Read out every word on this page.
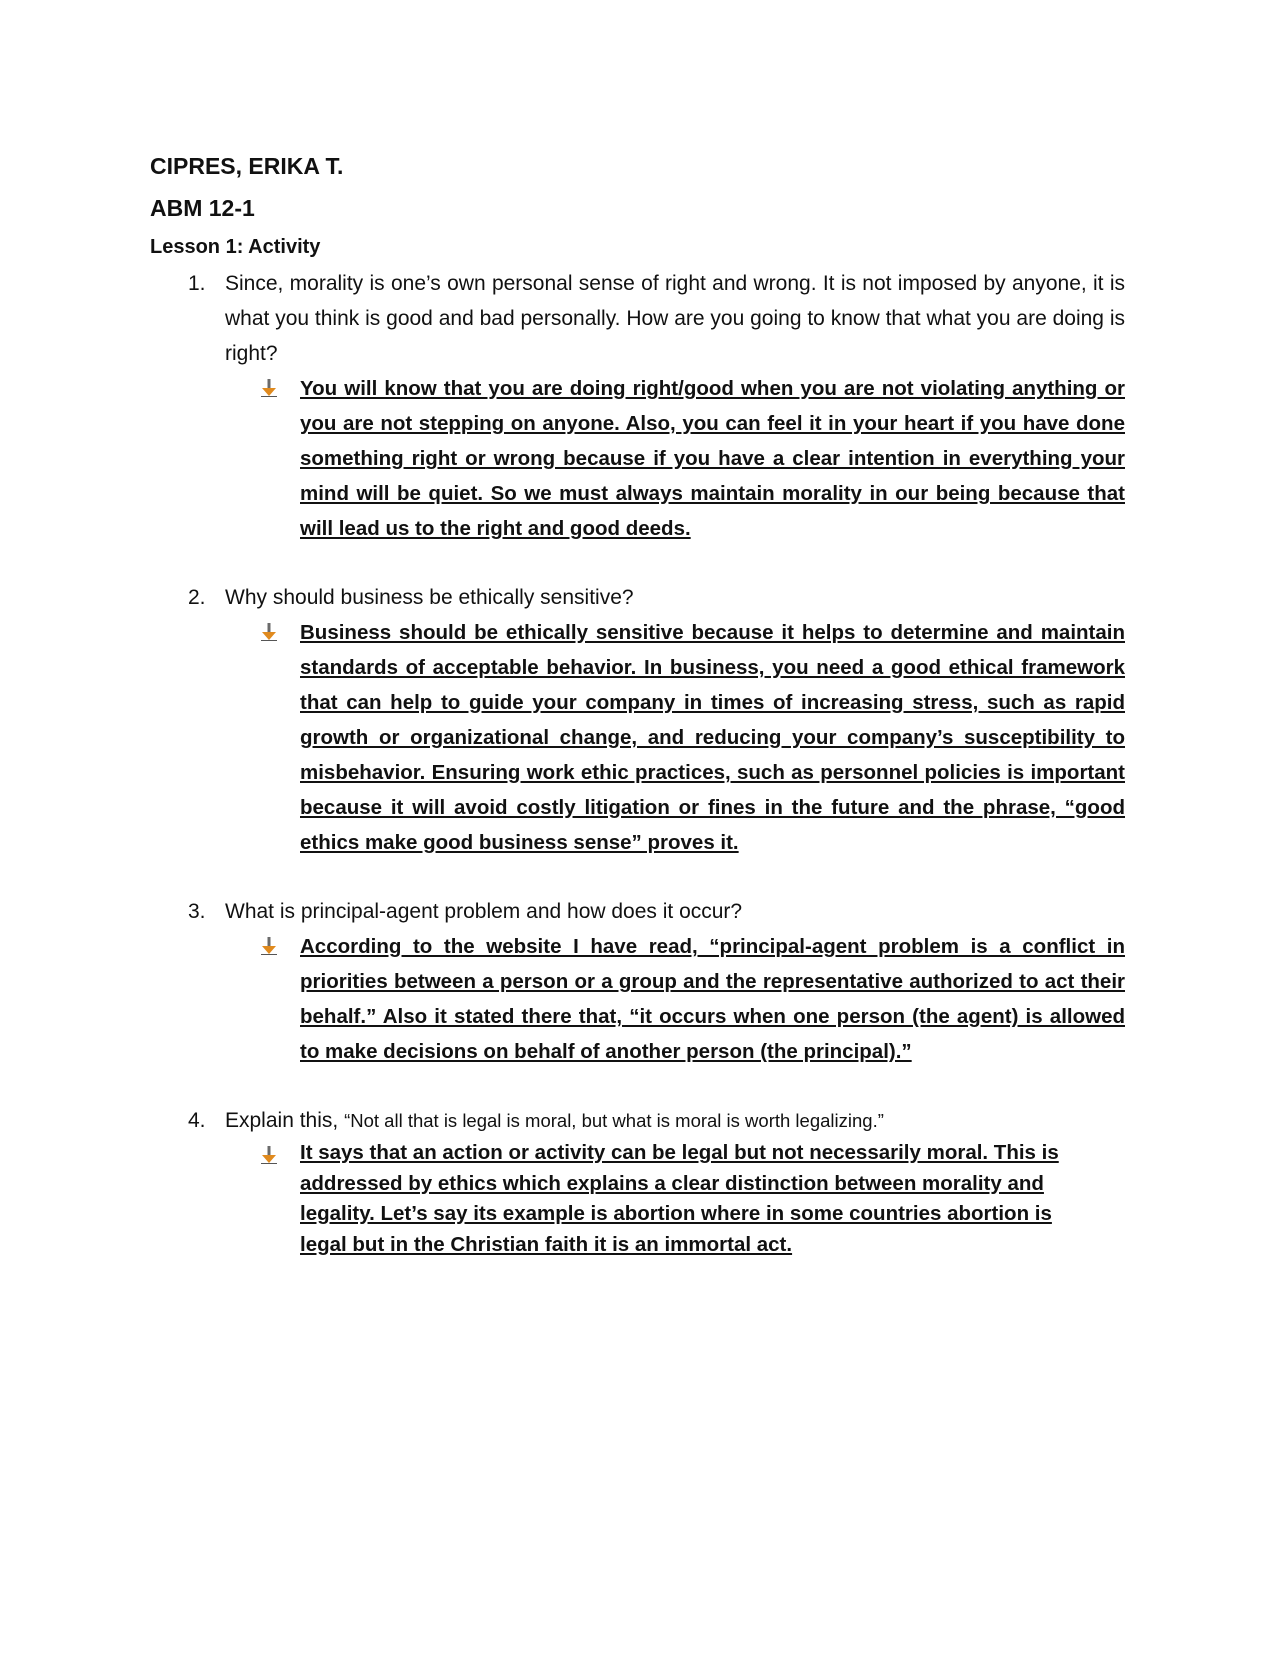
CIPRES, ERIKA T.
ABM 12-1
Lesson 1: Activity
1. Since, morality is one’s own personal sense of right and wrong. It is not imposed by anyone, it is what you think is good and bad personally. How are you going to know that what you are doing is right?

You will know that you are doing right/good when you are not violating anything or you are not stepping on anyone. Also, you can feel it in your heart if you have done something right or wrong because if you have a clear intention in everything your mind will be quiet. So we must always maintain morality in our being because that will lead us to the right and good deeds.

2. Why should business be ethically sensitive?

Business should be ethically sensitive because it helps to determine and maintain standards of acceptable behavior. In business, you need a good ethical framework that can help to guide your company in times of increasing stress, such as rapid growth or organizational change, and reducing your company’s susceptibility to misbehavior. Ensuring work ethic practices, such as personnel policies is important because it will avoid costly litigation or fines in the future and the phrase, “good ethics make good business sense” proves it.

3. What is principal-agent problem and how does it occur?

According to the website I have read, “principal-agent problem is a conflict in priorities between a person or a group and the representative authorized to act their behalf.” Also it stated there that, “it occurs when one person (the agent) is allowed to make decisions on behalf of another person (the principal).”

4. Explain this, “Not all that is legal is moral, but what is moral is worth legalizing.”

It says that an action or activity can be legal but not necessarily moral. This is addressed by ethics which explains a clear distinction between morality and legality. Let’s say its example is abortion where in some countries abortion is legal but in the Christian faith it is an immortal act.
